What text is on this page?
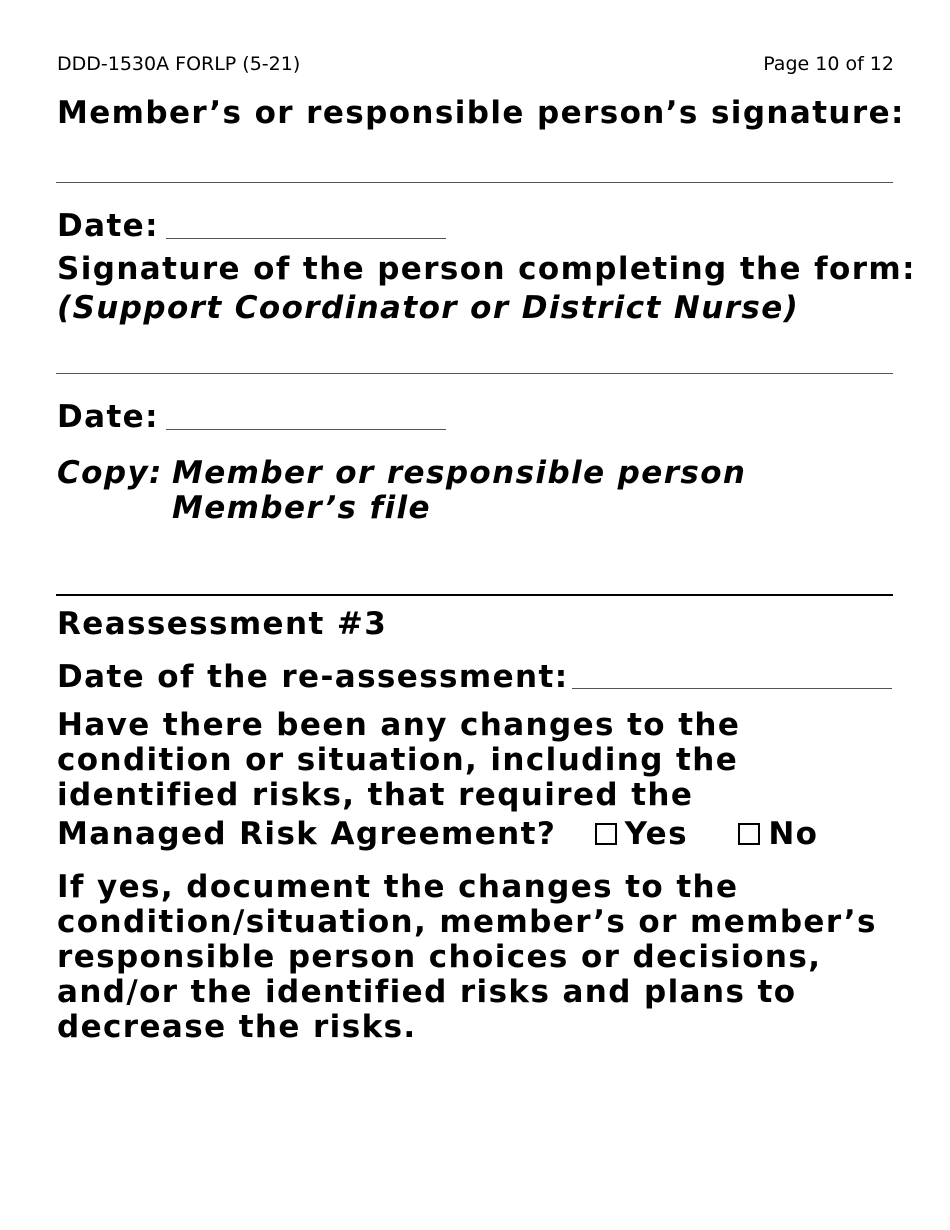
DDD-1530A FORLP (5-21)	Page 10 of 12
Member’s or responsible person’s signature:
Date:
Signature of the person completing the form:
(Support Coordinator or District Nurse)
Date:
Copy: Member or responsible person
Member’s file
Reassessment #3
Date of the re-assessment:
Have there been any changes to the
condition or situation, including the
identified risks, that required the
Managed Risk Agreement? Yes	No
If yes, document the changes to the
condition/situation, member’s or member’s
responsible person choices or decisions,
and/or the identified risks and plans to
decrease the risks.
